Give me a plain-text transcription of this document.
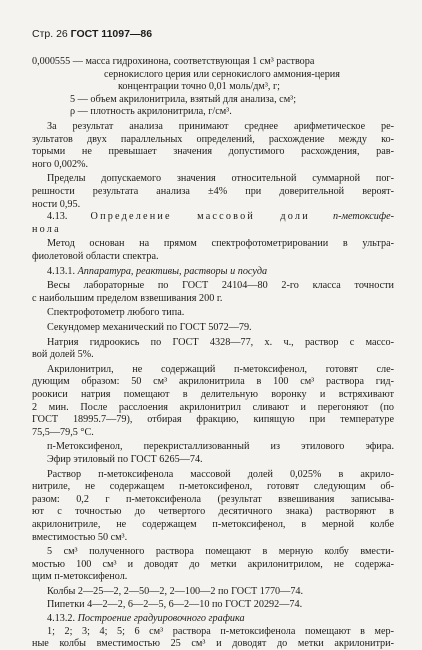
Стр. 26 ГОСТ 11097—86
0,000555 — масса гидрохинона, соответствующая 1 см³ раствора
сернокислого церия или сернокислого аммония-церия
концентрации точно 0,01 моль/дм³, г;
5 — объем акрилонитрила, взятый для анализа, см³;
ρ — плотность акрилонитрила, г/см³.
За результат анализа принимают среднее арифметическое ре-
зультатов двух параллельных определений, расхождение между ко-
торыми не превышает значения допустимого расхождения, рав-
ного 0,002%.
Пределы допускаемого значения относительной суммарной пог-
решности результата анализа ±4% при доверительной вероят-
ности 0,95.
4.13. Определение массовой доли п-метоксифе-
нола
Метод основан на прямом спектрофотометрировании в ультра-
фиолетовой области спектра.
4.13.1. Аппаратура, реактивы, растворы и посуда
Весы лабораторные по ГОСТ 24104—80 2-го класса точности
с наибольшим пределом взвешивания 200 г.
Спектрофотометр любого типа.
Секундомер механический по ГОСТ 5072—79.
Натрия гидроокись по ГОСТ 4328—77, х. ч., раствор с массо-
вой долей 5%.
Акрилонитрил, не содержащий п-метоксифенол, готовят сле-
дующим образом: 50 см³ акрилонитрила в 100 см³ раствора гид-
роокиси натрия помещают в делительную воронку и встряхивают
2 мин. После расслоения акрилонитрил сливают и перегоняют (по
ГОСТ 18995.7—79), отбирая фракцию, кипящую при температуре
75,5—79,5 °С.
п-Метоксифенол, перекристаллизованный из этилового эфира.
Эфир этиловый по ГОСТ 6265—74.
Раствор п-метоксифенола массовой долей 0,025% в акрило-
нитриле, не содержащем п-метоксифенол, готовят следующим об-
разом: 0,2 г п-метоксифенола (результат взвешивания записыва-
ют с точностью до четвертого десятичного знака) растворяют в
акрилонитриле, не содержащем п-метоксифенол, в мерной колбе
вместимостью 50 см³.
5 см³ полученного раствора помещают в мерную колбу вмести-
мостью 100 см³ и доводят до метки акрилонитрилом, не содержа-
щим п-метоксифенол.
Колбы 2—25—2, 2—50—2, 2—100—2 по ГОСТ 1770—74.
Пипетки 4—2—2, 6—2—5, 6—2—10 по ГОСТ 20292—74.
4.13.2. Построение градуировочного графика
1; 2; 3; 4; 5; 6 см³ раствора п-метоксифенола помещают в мер-
ные колбы вместимостью 25 см³ и доводят до метки акрилонитри-
